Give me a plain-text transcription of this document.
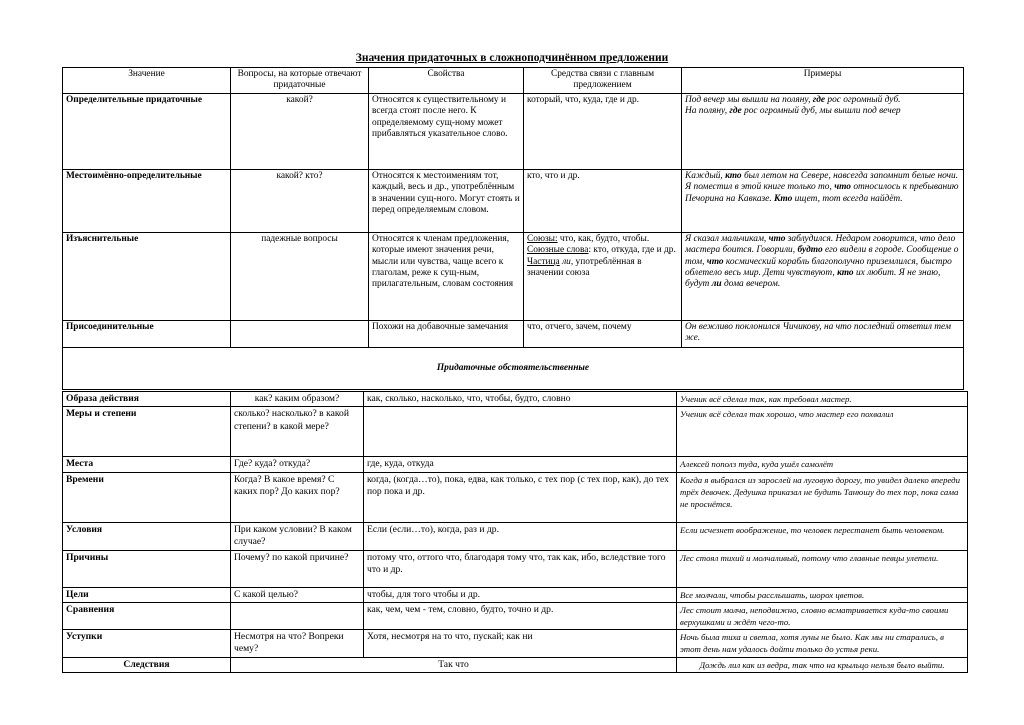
Значения придаточных в сложноподчинённом предложении
Значение	Вопросы, на которые отвечают придаточные	Свойства	Средства связи с главным предложением	Примеры
Определительные придаточные	какой?	Относятся к существительному и всегда стоят после него. К определяемому сущ-ному может прибавляться указательное слово.	который, что, куда, где и др.	Под вечер мы вышли на поляну, где рос огромный дуб.
На поляну, где рос огромный дуб, мы вышли под вечер
Местоимённо-определительные	какой? кто?	Относятся к местоимениям тот, каждый, весь и др., употреблённым в значении сущ-ного. Могут стоять и перед определяемым словом.	кто, что и др.	Каждый, кто был летом на Севере, навсегда запомнит белые ночи. Я поместил в этой книге только то, что относилось к пребыванию Печорина на Кавказе. Кто ищет, тот всегда найдёт.
Изъяснительные	падежные вопросы	Относятся к членам предложения, которые имеют значения речи, мысли или чувства, чаще всего к глаголам, реже к сущ-ным, прилагательным, словам состояния	Союзы: что, как, будто, чтобы. Союзные слова: кто, откуда, где и др. Частица ли, употреблённая в значении союза	Я сказал мальчикам, что заблудился. Недаром говорится, что дело мастера боится. Говорили, будто его видели в городе. Сообщение о том, что космический корабль благополучно приземлился, быстро облетело весь мир. Дети чувствуют, кто их любит. Я не знаю, будут ли дома вечером.
Присоединительные		Похожи на добавочные замечания	что, отчего, зачем, почему	Он вежливо поклонился Чичикову, на что последний ответил тем же.
Придаточные обстоятельственные				
Образа действия	как? каким образом?	как, сколько, насколько, что, чтобы, будто, словно	Ученик всё сделал так, как требовал мастер.
Меры и степени	сколько? насколько? в какой степени? в какой мере?		Ученик всё сделал так хорошо, что мастер его похвалил
Места	Где? куда? откуда?	где, куда, откуда	Алексей пополз туда, куда ушёл самолёт
Времени	Когда? В какое время? С каких пор? До каких пор?	когда, (когда…то), пока, едва, как только, с тех пор (с тех пор, как), до тех пор пока и др.	Когда я выбрался из зарослей на луговую дорогу, то увидел далеко впереди трёх девочек. Дедушка приказал не будить Танюшу до тех пор, пока сама не проснётся.
Условия	При каком условии? В каком случае?	Если (если…то), когда, раз и др.	Если исчезнет воображение, то человек перестанет быть человеком.
Причины	Почему? по какой причине?	потому что, оттого что, благодаря тому что, так как, ибо, вследствие того что и др.	Лес стоял тихий и молчаливый, потому что главные певцы улетели.
Цели	С какой целью?	чтобы, для того чтобы и др.	Все молчали, чтобы расслышать, шорох цветов.
Сравнения		как, чем, чем - тем, словно, будто, точно и др.	Лес стоит молча, неподвижно, словно всматривается куда-то своими верхушками и ждёт чего-то.
Уступки	Несмотря на что? Вопреки чему?	Хотя, несмотря на то что, пускай; как ни	Ночь была тиха и светла, хотя луны не было. Как мы ни старались, в этот день нам удалось дойти только до устья реки.
Следствия	Так что		Дождь лил как из ведра, так что на крыльцо нельзя было выйти.
